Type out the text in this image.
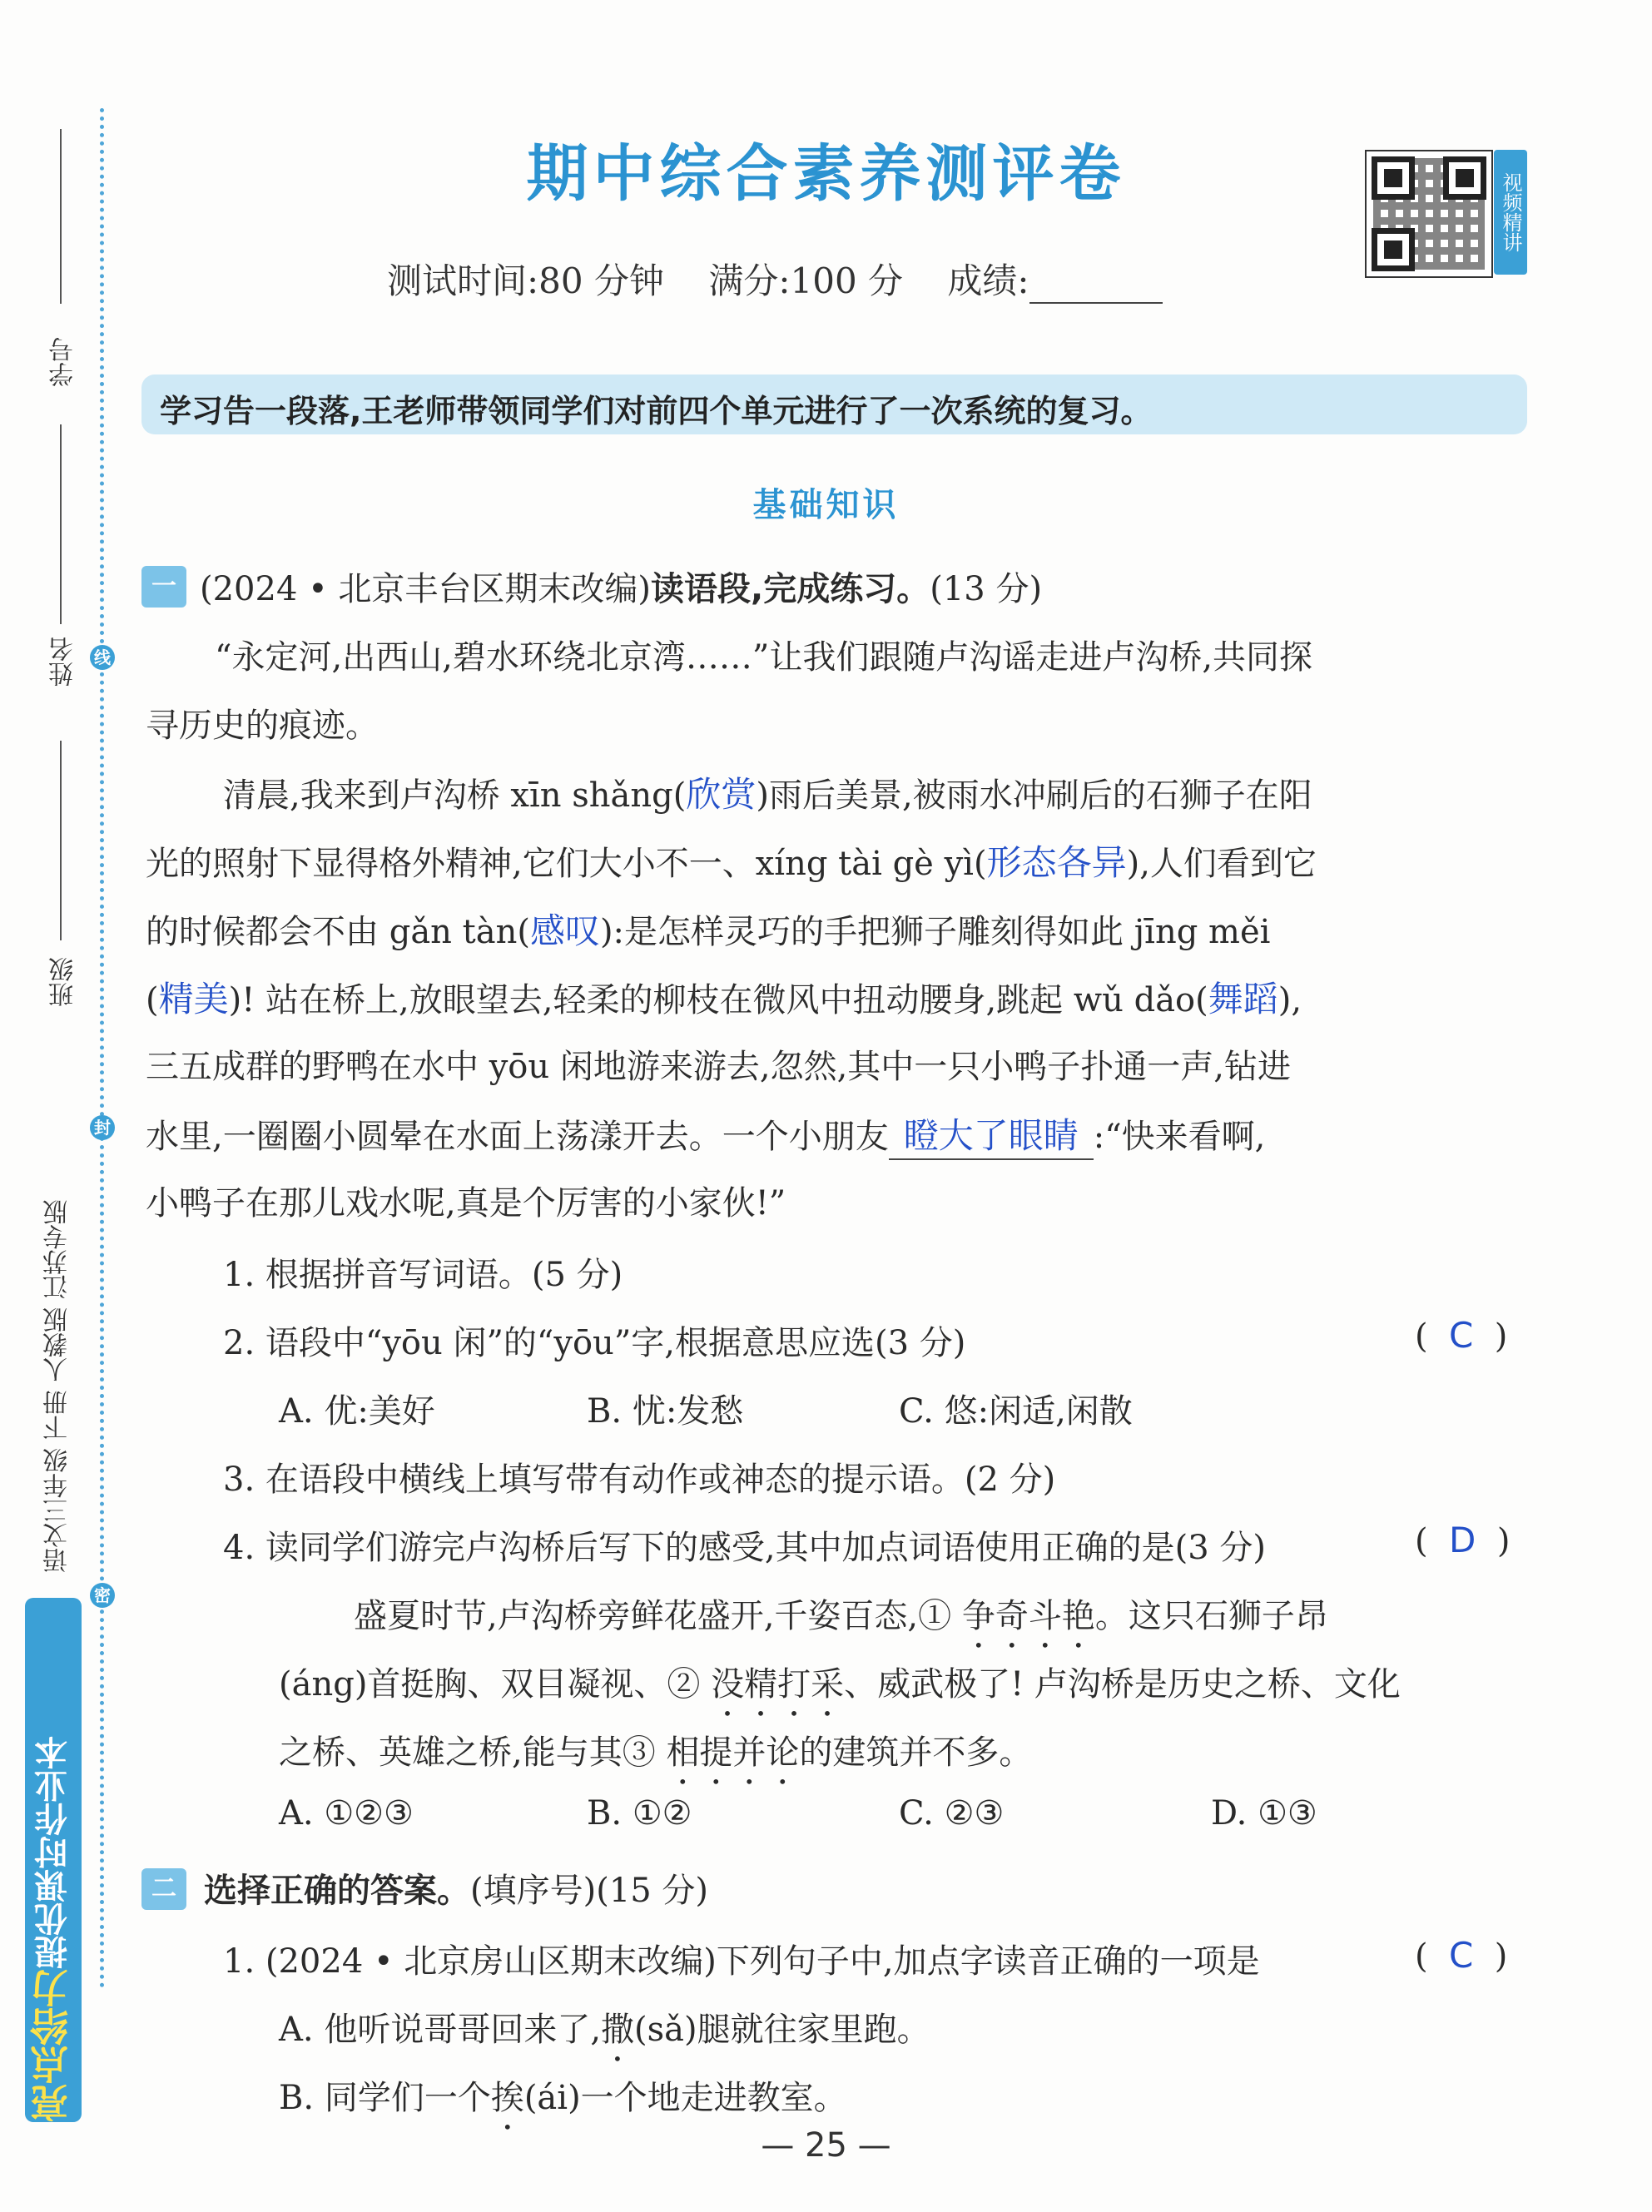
线
封
密
学号
姓名
班级
语文三年级 下册 人教版 江苏专版
亮点给力
提优课时作业本
期中综合素养测评卷
测试时间:80 分钟    满分:100 分    成绩:
视频精讲
学习告一段落,王老师带领同学们对前四个单元进行了一次系统的复习。
基础知识
一 (2024 • 北京丰台区期末改编)读语段,完成练习。(13 分)
“永定河,出西山,碧水环绕北京湾……”让我们跟随卢沟谣走进卢沟桥,共同探
寻历史的痕迹。
清晨,我来到卢沟桥 xīn shǎng(欣赏)雨后美景,被雨水冲刷后的石狮子在阳
光的照射下显得格外精神,它们大小不一、xíng tài gè yì(形态各异),人们看到它
的时候都会不由 gǎn tàn(感叹):是怎样灵巧的手把狮子雕刻得如此 jīng měi
(精美)! 站在桥上,放眼望去,轻柔的柳枝在微风中扭动腰身,跳起 wǔ dǎo(舞蹈),
三五成群的野鸭在水中 yōu 闲地游来游去,忽然,其中一只小鸭子扑通一声,钻进
水里,一圈圈小圆晕在水面上荡漾开去。一个小朋友 瞪大了眼睛 :“快来看啊,
小鸭子在那儿戏水呢,真是个厉害的小家伙!”
1. 根据拼音写词语。(5 分)
2. 语段中“yōu 闲”的“yōu”字,根据意思应选(3 分)	(  C  )
A. 优:美好	B. 忧:发愁	C. 悠:闲适,闲散
3. 在语段中横线上填写带有动作或神态的提示语。(2 分)
4. 读同学们游完卢沟桥后写下的感受,其中加点词语使用正确的是(3 分)	(  D  )
盛夏时节,卢沟桥旁鲜花盛开,千姿百态,① 争奇斗艳。这只石狮子昂
(áng)首挺胸、双目凝视、② 没精打采、威武极了! 卢沟桥是历史之桥、文化
之桥、英雄之桥,能与其③ 相提并论的建筑并不多。
A. ①②③	B. ①②	C. ②③	D. ①③
二 选择正确的答案。(填序号)(15 分)
1. (2024 • 北京房山区期末改编)下列句子中,加点字读音正确的一项是	(  C  )
A. 他听说哥哥回来了,撒(sǎ)腿就往家里跑。
B. 同学们一个挨(ái)一个地走进教室。
— 25 —
